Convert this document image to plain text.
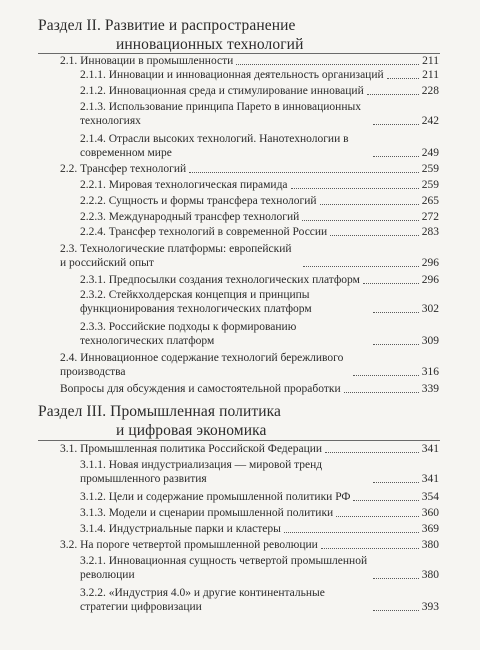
Раздел II. Развитие и распространение
инновационных технологий
2.1. Инновации в промышленности	211
2.1.1. Инновации и инновационная деятельность организаций	211
2.1.2. Инновационная среда и стимулирование инноваций	228
2.1.3. Использование принципа Парето в инновационных технологиях	242
2.1.4. Отрасли высоких технологий. Нанотехнологии в современном мире	249
2.2. Трансфер технологий	259
2.2.1. Мировая технологическая пирамида	259
2.2.2. Сущность и формы трансфера технологий	265
2.2.3. Международный трансфер технологий	272
2.2.4. Трансфер технологий в современной России	283
2.3. Технологические платформы: европейский и российский опыт	296
2.3.1. Предпосылки создания технологических платформ	296
2.3.2. Стейкхолдерская концепция и принципы функционирования технологических платформ	302
2.3.3. Российские подходы к формированию технологических платформ	309
2.4. Инновационное содержание технологий бережливого производства	316
Вопросы для обсуждения и самостоятельной проработки	339
Раздел III. Промышленная политика
и цифровая экономика
3.1. Промышленная политика Российской Федерации	341
3.1.1. Новая индустриализация — мировой тренд промышленного развития	341
3.1.2. Цели и содержание промышленной политики РФ	354
3.1.3. Модели и сценарии промышленной политики	360
3.1.4. Индустриальные парки и кластеры	369
3.2. На пороге четвертой промышленной революции	380
3.2.1. Инновационная сущность четвертой промышленной революции	380
3.2.2. «Индустрия 4.0» и другие континентальные стратегии цифровизации	393
